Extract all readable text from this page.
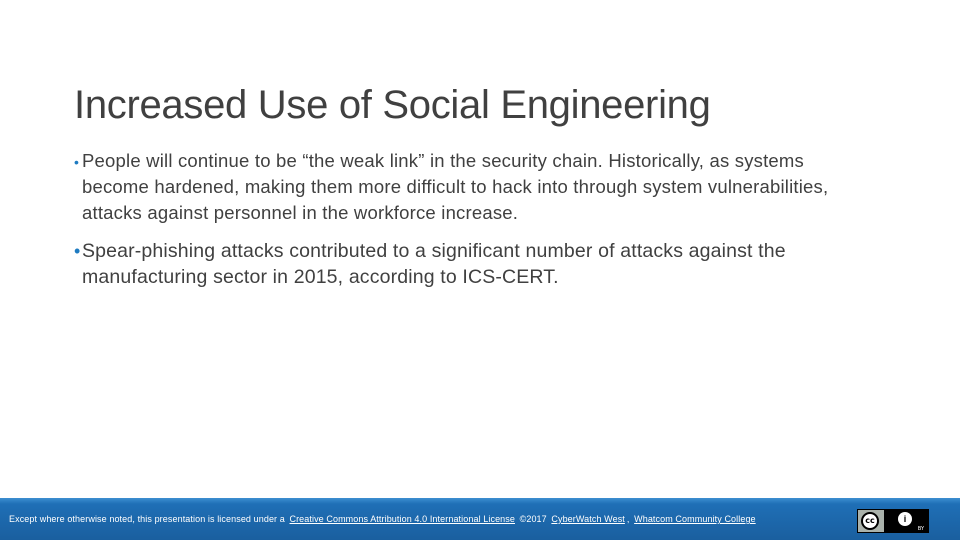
Increased Use of Social Engineering
• People will continue to be “the weak link” in the security chain. Historically, as systems become hardened, making them more difficult to hack into through system vulnerabilities, attacks against personnel in the workforce increase.
• Spear-phishing attacks contributed to a significant number of attacks against the manufacturing sector in 2015, according to ICS-CERT.
Except where otherwise noted, this presentation is licensed under a Creative Commons Attribution 4.0 International License ©2017 CyberWatch West , Whatcom Community College	cc	i
BY
